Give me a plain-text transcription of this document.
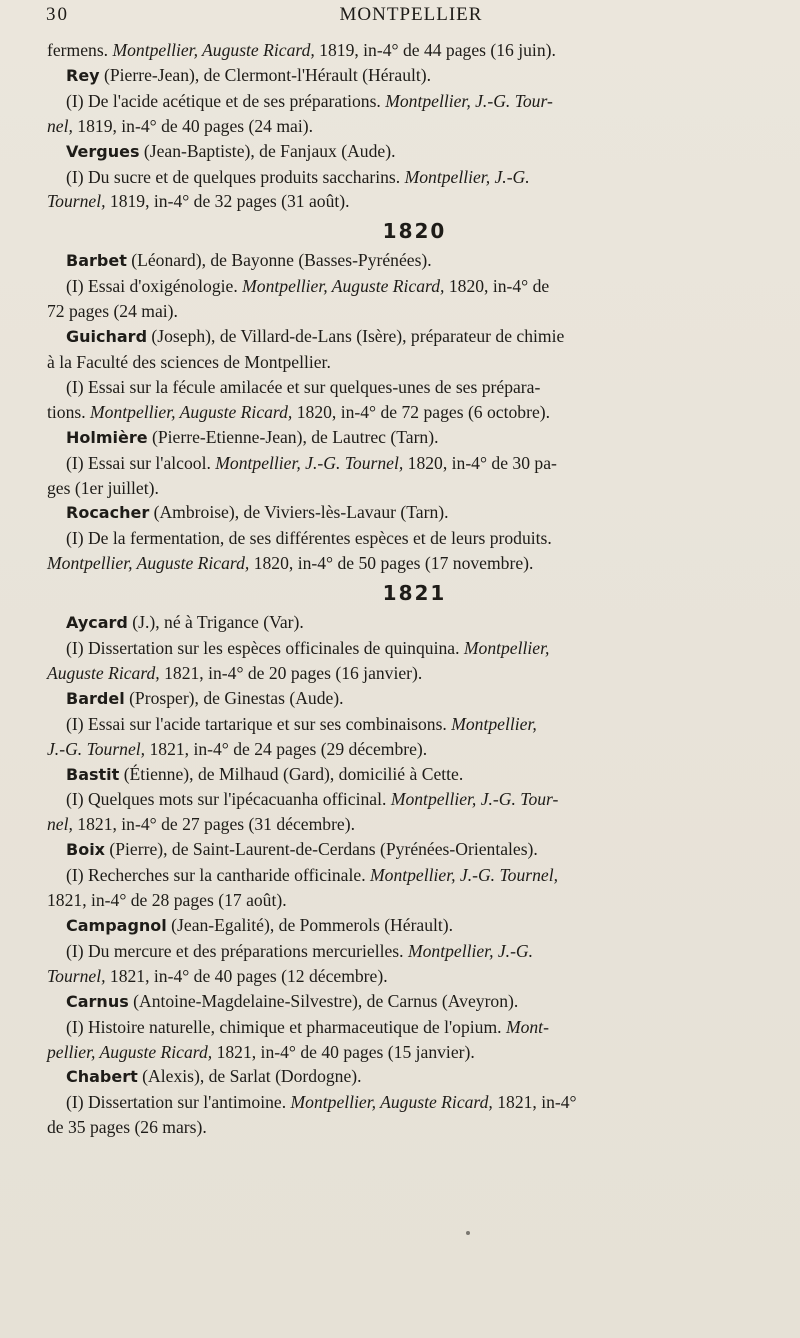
30	MONTPELLIER

fermens. Montpellier, Auguste Ricard, 1819, in-4° de 44 pages (16 juin).

Rey (Pierre-Jean), de Clermont-l'Hérault (Hérault).

(I) De l'acide acétique et de ses préparations. Montpellier, J.-G. Tour-

nel, 1819, in-4° de 40 pages (24 mai).

Vergues (Jean-Baptiste), de Fanjaux (Aude).

(I) Du sucre et de quelques produits saccharins. Montpellier, J.-G.

Tournel, 1819, in-4° de 32 pages (31 août).

1820

Barbet (Léonard), de Bayonne (Basses-Pyrénées).

(I) Essai d'oxigénologie. Montpellier, Auguste Ricard, 1820, in-4° de

72 pages (24 mai).

Guichard (Joseph), de Villard-de-Lans (Isère), préparateur de chimie

à la Faculté des sciences de Montpellier.

(I) Essai sur la fécule amilacée et sur quelques-unes de ses prépara-

tions. Montpellier, Auguste Ricard, 1820, in-4° de 72 pages (6 octobre).

Holmière (Pierre-Etienne-Jean), de Lautrec (Tarn).

(I) Essai sur l'alcool. Montpellier, J.-G. Tournel, 1820, in-4° de 30 pa-

ges (1er juillet).

Rocacher (Ambroise), de Viviers-lès-Lavaur (Tarn).

(I) De la fermentation, de ses différentes espèces et de leurs produits.

Montpellier, Auguste Ricard, 1820, in-4° de 50 pages (17 novembre).

1821

Aycard (J.), né à Trigance (Var).

(I) Dissertation sur les espèces officinales de quinquina. Montpellier,

Auguste Ricard, 1821, in-4° de 20 pages (16 janvier).

Bardel (Prosper), de Ginestas (Aude).

(I) Essai sur l'acide tartarique et sur ses combinaisons. Montpellier,

J.-G. Tournel, 1821, in-4° de 24 pages (29 décembre).

Bastit (Étienne), de Milhaud (Gard), domicilié à Cette.

(I) Quelques mots sur l'ipécacuanha officinal. Montpellier, J.-G. Tour-

nel, 1821, in-4° de 27 pages (31 décembre).

Boix (Pierre), de Saint-Laurent-de-Cerdans (Pyrénées-Orientales).

(I) Recherches sur la cantharide officinale. Montpellier, J.-G. Tournel,

1821, in-4° de 28 pages (17 août).

Campagnol (Jean-Egalité), de Pommerols (Hérault).

(I) Du mercure et des préparations mercurielles. Montpellier, J.-G.

Tournel, 1821, in-4° de 40 pages (12 décembre).

Carnus (Antoine-Magdelaine-Silvestre), de Carnus (Aveyron).

(I) Histoire naturelle, chimique et pharmaceutique de l'opium. Mont-

pellier, Auguste Ricard, 1821, in-4° de 40 pages (15 janvier).

Chabert (Alexis), de Sarlat (Dordogne).

(I) Dissertation sur l'antimoine. Montpellier, Auguste Ricard, 1821, in-4°

de 35 pages (26 mars).
